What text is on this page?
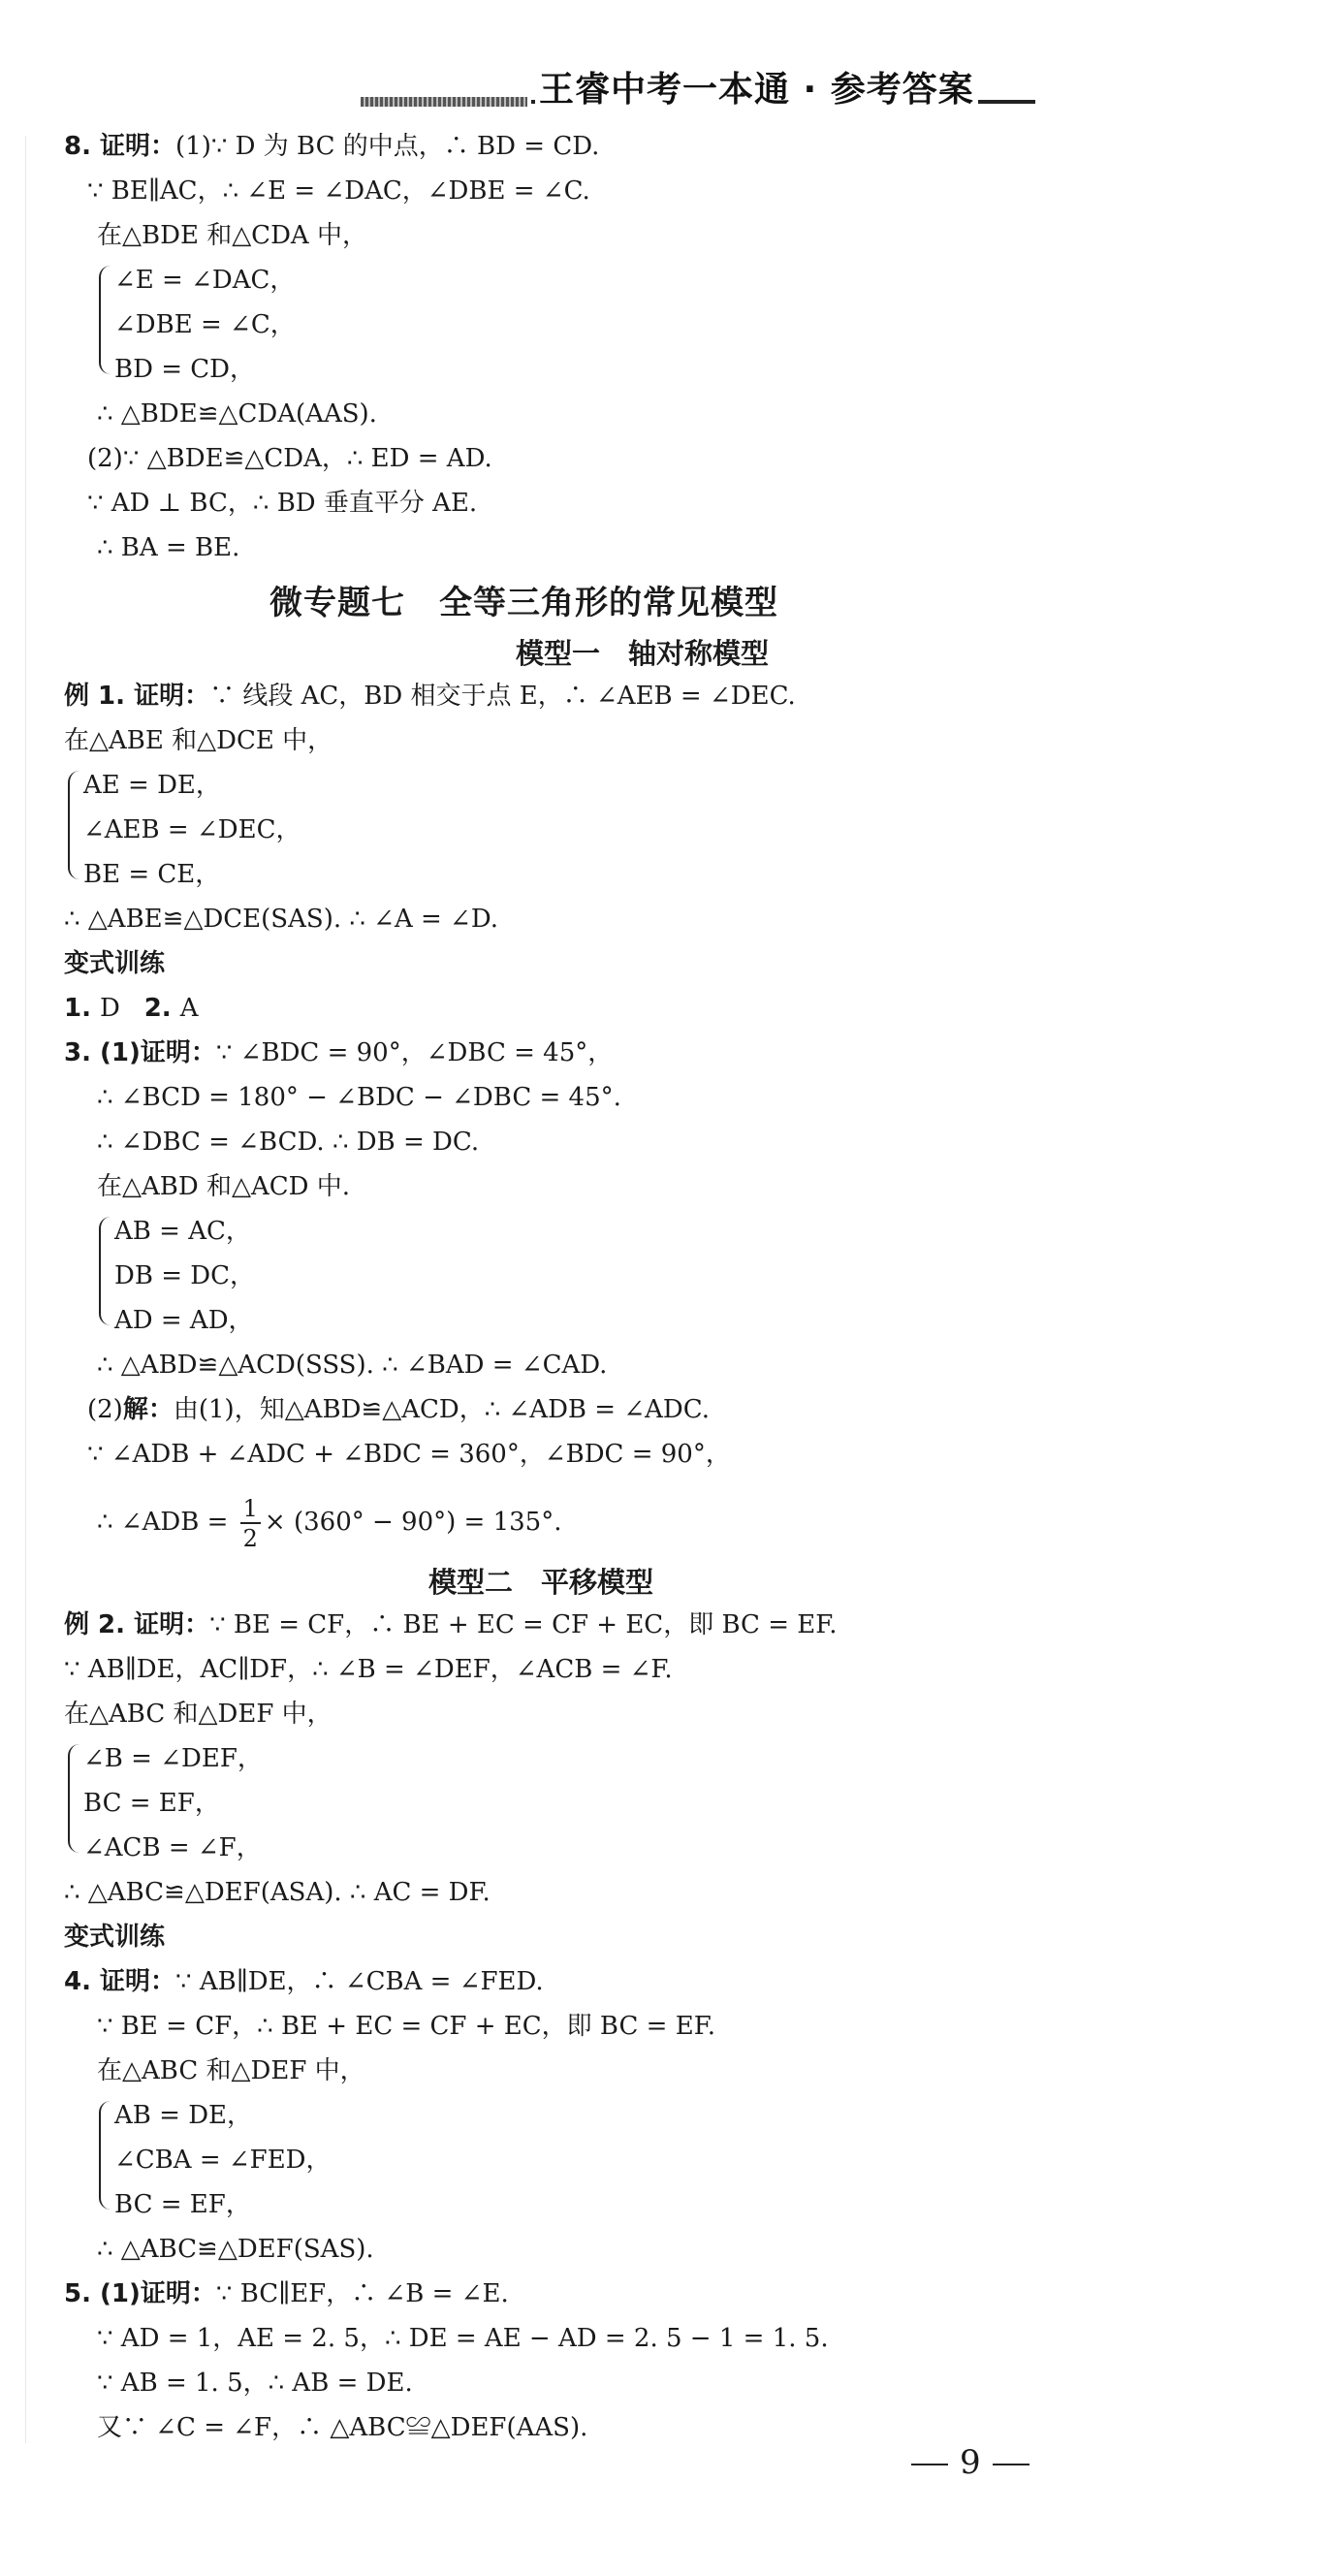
王睿中考一本通 · 参考答案
8. 证明：(1)∵ D 为 BC 的中点，∴ BD = CD.
∵ BE∥AC，∴ ∠E = ∠DAC，∠DBE = ∠C.
在△BDE 和△CDA 中，
∠E = ∠DAC，
∠DBE = ∠C，
BD = CD，
∴ △BDE≌△CDA(AAS).
(2)∵ △BDE≌△CDA，∴ ED = AD.
∵ AD ⊥ BC，∴ BD 垂直平分 AE.
∴ BA = BE.
微专题七　全等三角形的常见模型
模型一　轴对称模型
例 1. 证明：∵ 线段 AC，BD 相交于点 E，∴ ∠AEB = ∠DEC.
在△ABE 和△DCE 中，
AE = DE，
∠AEB = ∠DEC，
BE = CE，
∴ △ABE≌△DCE(SAS). ∴ ∠A = ∠D.
变式训练
1. D 2. A
3. (1)证明：∵ ∠BDC = 90°，∠DBC = 45°，
∴ ∠BCD = 180° − ∠BDC − ∠DBC = 45°.
∴ ∠DBC = ∠BCD. ∴ DB = DC.
在△ABD 和△ACD 中.
AB = AC，
DB = DC，
AD = AD，
∴ △ABD≌△ACD(SSS). ∴ ∠BAD = ∠CAD.
(2)解：由(1)，知△ABD≌△ACD，∴ ∠ADB = ∠ADC.
∵ ∠ADB + ∠ADC + ∠BDC = 360°，∠BDC = 90°，
∴ ∠ADB = $\frac{1}{2} \times (360^\circ - 90^\circ) = 135^\circ$.
模型二　平移模型
例 2. 证明：∵ BE = CF，∴ BE + EC = CF + EC，即 BC = EF.
∵ AB∥DE，AC∥DF，∴ ∠B = ∠DEF，∠ACB = ∠F.
在△ABC 和△DEF 中，
∠B = ∠DEF，
BC = EF，
∠ACB = ∠F，
∴ △ABC≌△DEF(ASA). ∴ AC = DF.
变式训练
4. 证明：∵ AB∥DE，∴ ∠CBA = ∠FED.
∵ BE = CF，∴ BE + EC = CF + EC，即 BC = EF.
在△ABC 和△DEF 中，
AB = DE，
∠CBA = ∠FED，
BC = EF，
∴ △ABC≌△DEF(SAS).
5. (1)证明：∵ BC∥EF，∴ ∠B = ∠E.
∵ AD = 1，AE = 2. 5，∴ DE = AE − AD = 2. 5 − 1 = 1. 5.
∵ AB = 1. 5，∴ AB = DE.
又∵ ∠C = ∠F，∴ △ABC≌△DEF(AAS).
9
